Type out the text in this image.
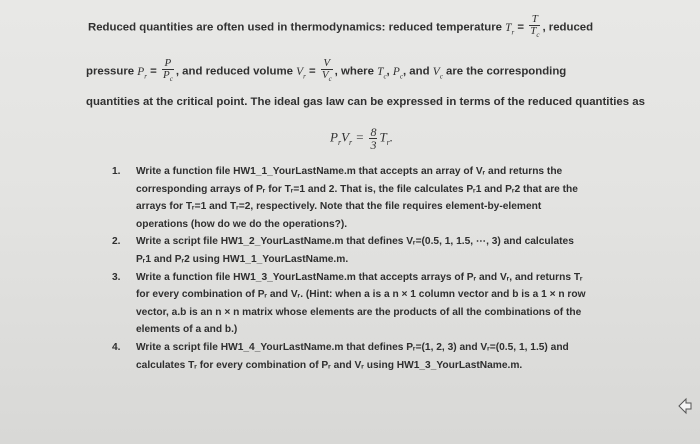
Reduced quantities are often used in thermodynamics: reduced temperature $T_r = \frac{T}{T_c}$ , reduced
pressure $P_r = \frac{P}{P_c}$ , and reduced volume $V_r = \frac{V}{V_c}$ , where $T_c$, $P_c$, and $V_c$ are the corresponding
quantities at the critical point. The ideal gas law can be expressed in terms of the reduced quantities as
$P_rV_r = \frac{8}{3} T_r$.
1. Write a function file HW1_1_YourLastName.m that accepts an array of Vᵣ and returns the
corresponding arrays of Pᵣ for Tᵣ=1 and 2. That is, the file calculates Pᵣ1 and Pᵣ2 that are the
arrays for Tᵣ=1 and Tᵣ=2, respectively. Note that the file requires element-by-element
operations (how do we do the operations?).
2. Write a script file HW1_2_YourLastName.m that defines Vᵣ=(0.5, 1, 1.5, ⋯, 3) and calculates
Pᵣ1 and Pᵣ2 using HW1_1_YourLastName.m.
3. Write a function file HW1_3_YourLastName.m that accepts arrays of Pᵣ and Vᵣ, and returns Tᵣ
for every combination of Pᵣ and Vᵣ. (Hint: when a is a n × 1 column vector and b is a 1 × n row
vector, a.b is an n × n matrix whose elements are the products of all the combinations of the
elements of a and b.)
4. Write a script file HW1_4_YourLastName.m that defines Pᵣ=(1, 2, 3) and Vᵣ=(0.5, 1, 1.5) and
calculates Tᵣ for every combination of Pᵣ and Vᵣ using HW1_3_YourLastName.m.
